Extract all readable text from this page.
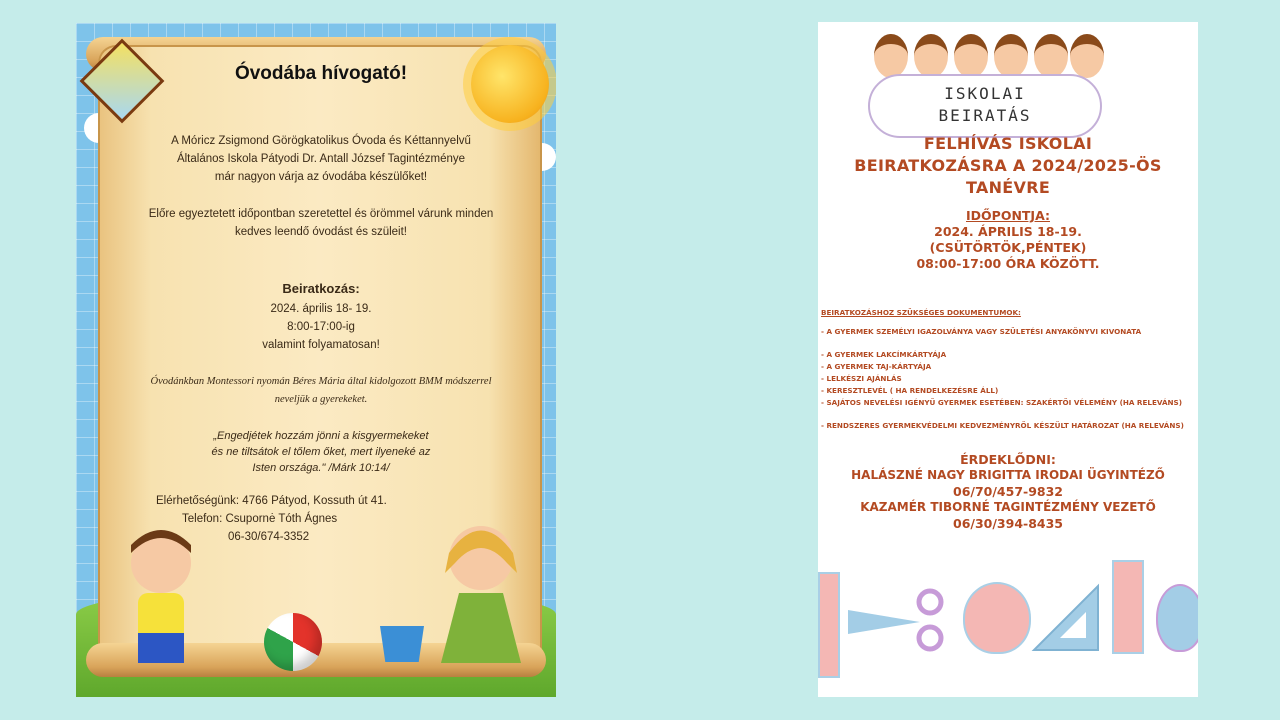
Óvodába hívogató!
A Móricz Zsigmond Görögkatolikus Óvoda és Kéttannyelvű
Általános Iskola Pátyodi Dr. Antall József Tagintézménye
már nagyon várja az óvodába készülőket!
Előre egyeztetett időpontban szeretettel és örömmel várunk minden
kedves leendő óvodást és szüleit!
Beiratkozás:
2024. április 18- 19.
8:00-17:00-ig
valamint folyamatosan!
Óvodánkban Montessori nyomán Béres Mária által kidolgozott BMM módszerrel
neveljük a gyerekeket.
„Engedjétek hozzám jönni a kisgyermekeket
és ne tiltsátok el tőlem őket, mert ilyeneké az
Isten országa." /Márk 10:14/
Elérhetőségünk: 4766 Pátyod, Kossuth út 41.
Telefon: Csupornė Tóth Ágnes
06-30/674-3352
ISKOLAI
BEIRATÁS
FELHÍVÁS ISKOLAI
BEIRATKOZÁSRA A 2024/2025-ÖS
TANÉVRE
IDŐPONTJA:
2024. ÁPRILIS 18-19.
(CSÜTÖRTÖK,PÉNTEK)
08:00-17:00 ÓRA KÖZÖTT.
BEIRATKOZÁSHOZ SZÜKSÉGES DOKUMENTUMOK:
- A GYERMEK SZEMÉLYI IGAZOLVÁNYA VAGY SZÜLETÉSI ANYAKÖNYVI KIVONATA
- A GYERMEK LAKCÍMKÁRTYÁJA
- A GYERMEK TAJ-KÁRTYÁJA
- LELKÉSZI AJÁNLÁS
- KERESZTLEVÉL ( HA RENDELKEZÉSRE ÁLL)
- SAJÁTOS NEVELÉSI IGÉNYŰ GYERMEK ESETÉBEN: SZAKÉRTŐI VÉLEMÉNY (HA RELEVÁNS)
- RENDSZERES GYERMEKVÉDELMI KEDVEZMÉNYRŐL KÉSZÜLT HATÁROZAT (HA RELEVÁNS)
ÉRDEKLŐDNI:
HALÁSZNÉ NAGY BRIGITTA IRODAI ÜGYINTÉZŐ
06/70/457-9832
KAZAMÉR TIBORNÉ TAGINTÉZMÉNY VEZETŐ
06/30/394-8435
